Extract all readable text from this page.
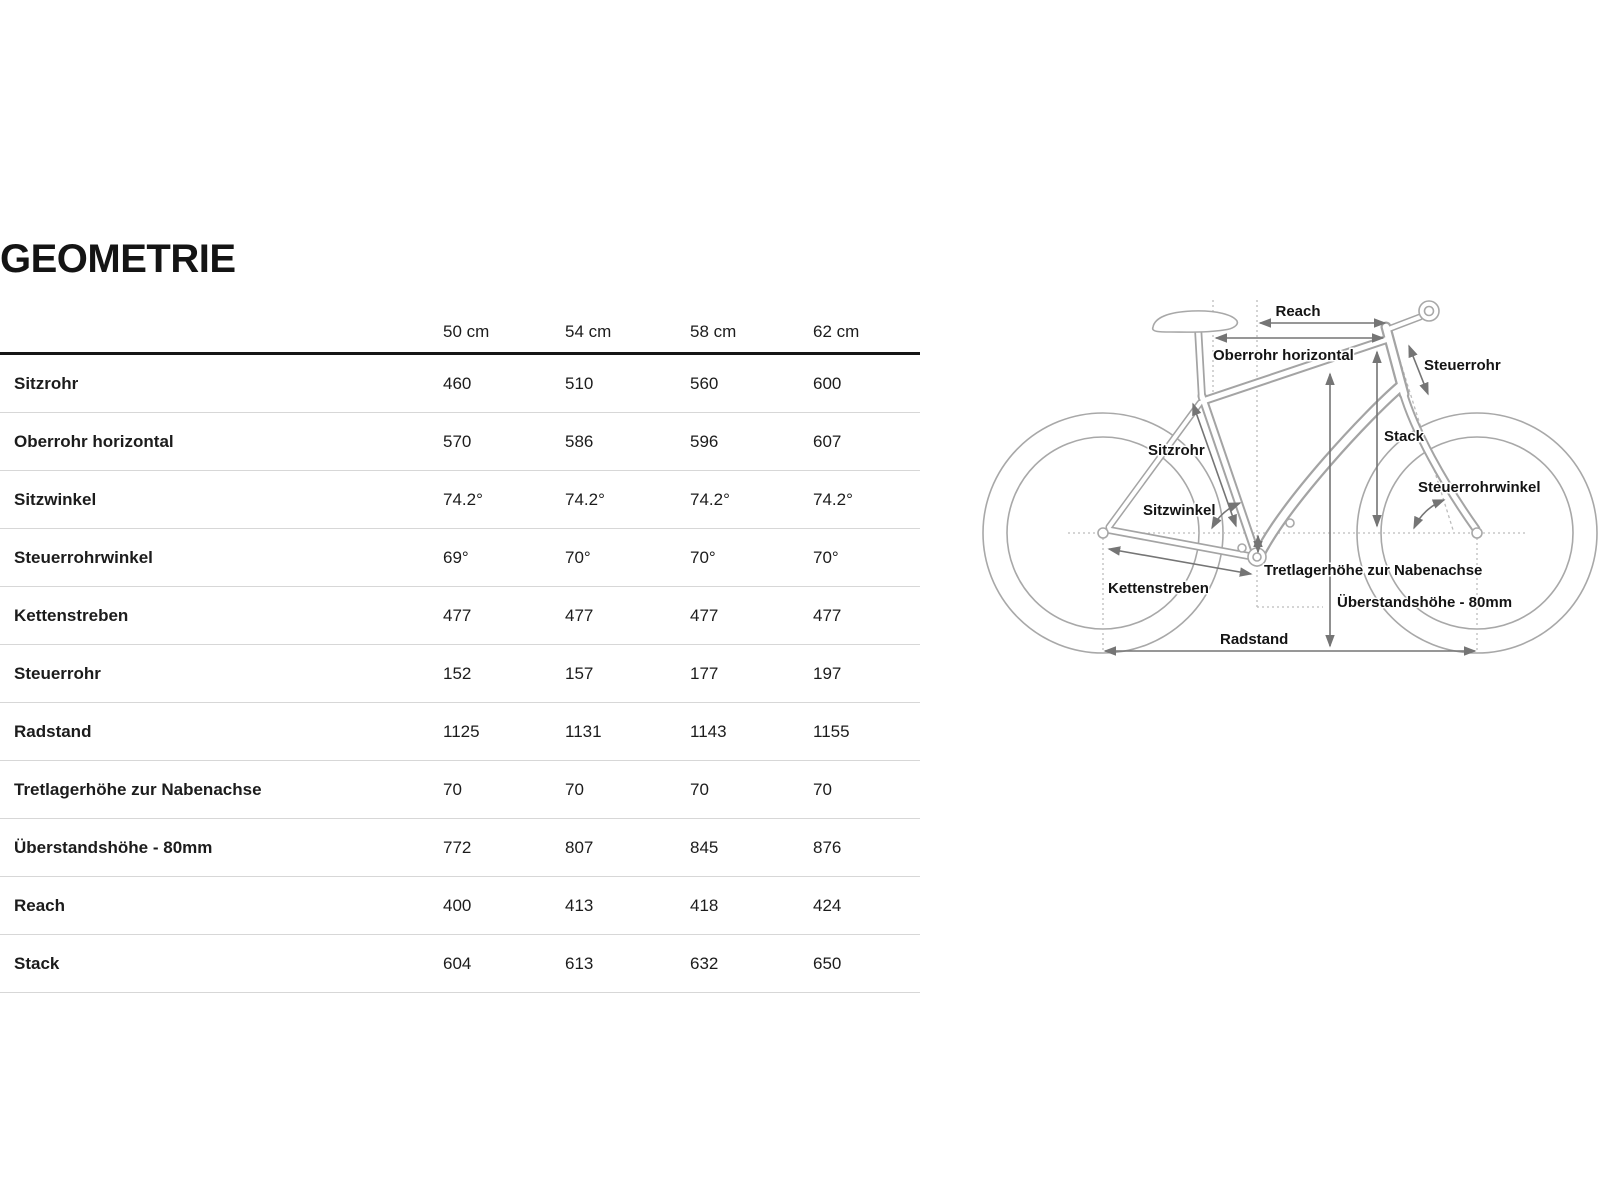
GEOMETRIE
50 cm	54 cm	58 cm	62 cm
Sitzrohr	460	510	560	600
Oberrohr horizontal	570	586	596	607
Sitzwinkel	74.2°	74.2°	74.2°	74.2°
Steuerrohrwinkel	69°	70°	70°	70°
Kettenstreben	477	477	477	477
Steuerrohr	152	157	177	197
Radstand	1125	1131	1143	1155
Tretlagerhöhe zur Nabenachse	70	70	70	70
Überstandshöhe - 80mm	772	807	845	876
Reach	400	413	418	424
Stack	604	613	632	650
Reach
Oberrohr horizontal
Steuerrohr
Stack
Sitzrohr
Sitzwinkel
Steuerrohrwinkel
Tretlagerhöhe zur Nabenachse
Kettenstreben
Überstandshöhe - 80mm
Radstand
